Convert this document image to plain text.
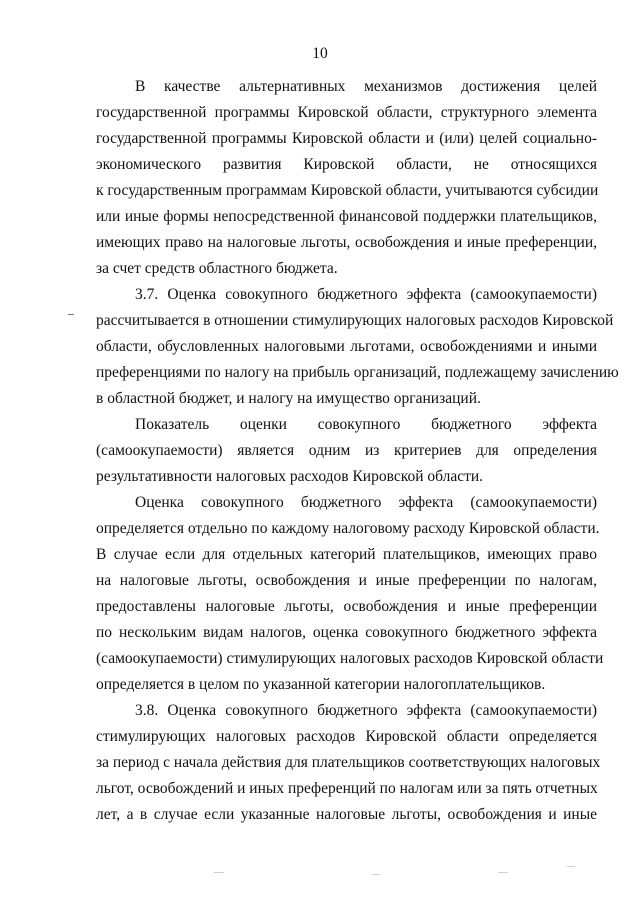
10
В качестве альтернативных механизмов достижения целей
государственной программы Кировской области, структурного элемента
государственной программы Кировской области и (или) целей социально-
экономического развития Кировской области, не относящихся
к государственным программам Кировской области, учитываются субсидии
или иные формы непосредственной финансовой поддержки плательщиков,
имеющих право на налоговые льготы, освобождения и иные преференции,
за счет средств областного бюджета.
3.7. Оценка совокупного бюджетного эффекта (самоокупаемости)
рассчитывается в отношении стимулирующих налоговых расходов Кировской
области, обусловленных налоговыми льготами, освобождениями и иными
преференциями по налогу на прибыль организаций, подлежащему зачислению
в областной бюджет, и налогу на имущество организаций.
Показатель оценки совокупного бюджетного эффекта
(самоокупаемости) является одним из критериев для определения
результативности налоговых расходов Кировской области.
Оценка совокупного бюджетного эффекта (самоокупаемости)
определяется отдельно по каждому налоговому расходу Кировской области.
В случае если для отдельных категорий плательщиков, имеющих право
на налоговые льготы, освобождения и иные преференции по налогам,
предоставлены налоговые льготы, освобождения и иные преференции
по нескольким видам налогов, оценка совокупного бюджетного эффекта
(самоокупаемости) стимулирующих налоговых расходов Кировской области
определяется в целом по указанной категории налогоплательщиков.
3.8. Оценка совокупного бюджетного эффекта (самоокупаемости)
стимулирующих налоговых расходов Кировской области определяется
за период с начала действия для плательщиков соответствующих налоговых
льгот, освобождений и иных преференций по налогам или за пять отчетных
лет, а в случае если указанные налоговые льготы, освобождения и иные
